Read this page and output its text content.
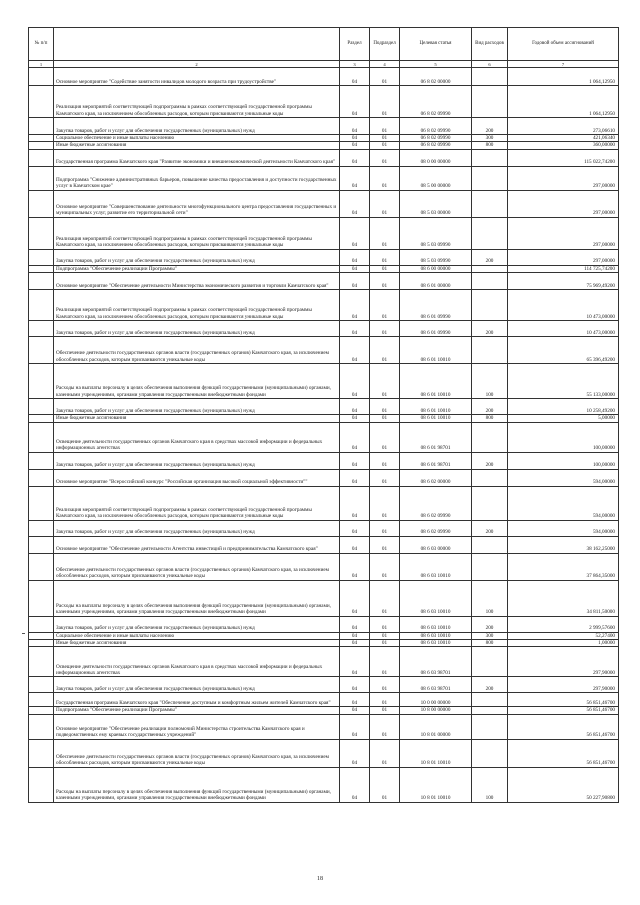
№ п/п		Раздел	Подраздел	Целевая статья	Вид расходов	Годовой объем ассигнований
1	2	3	4	5	6	7
	Основное мероприятие "Содействие занятости инвалидов молодого возраста при трудоустройстве"	04	01	06 8 02 00000		1 064,12950
	Реализация мероприятий соответствующей подпрограммы в рамках соответствующей государственной программы Камчатского края, за исключением обособленных расходов, которым присваиваются уникальные коды	04	01	06 8 02 09990		1 064,12950
	Закупка товаров, работ и услуг для обеспечения государственных (муниципальных) нужд	04	01	06 8 02 09990	200	273,06610
	Социальное обеспечение и иные выплаты населению	04	01	06 8 02 09990	300	421,06340
	Иные бюджетные ассигнования	04	01	06 8 02 09990	800	360,00000
	Государственная программа Камчатского края "Развитие экономики и внешнеэкономической деятельности Камчатского края"	04	01	08 0 00 00000		115 022,74200
	Подпрограмма "Снижение административных барьеров, повышение качества предоставления и доступности государственных услуг в Камчатском крае"	04	01	08 5 00 00000		297,00000
	Основное мероприятие "Совершенствование деятельности многофункционального центра предоставления государственных и муниципальных услуг, развитие его территориальной сети"	04	01	08 5 03 00000		297,00000
	Реализация мероприятий соответствующей подпрограммы в рамках соответствующей государственной программы Камчатского края, за исключением обособленных расходов, которым присваиваются уникальные коды	04	01	08 5 03 09990		297,00000
	Закупка товаров, работ и услуг для обеспечения государственных (муниципальных) нужд	04	01	08 5 03 09990	200	297,00000
	Подпрограмма "Обеспечение реализации Программы"	04	01	08 6 00 00000		114 725,74200
	Основное мероприятие "Обеспечение деятельности Министерства экономического развития и торговли Камчатского края"	04	01	08 6 01 00000		75 969,49200
	Реализация мероприятий соответствующей подпрограммы в рамках соответствующей государственной программы Камчатского края, за исключением обособленных расходов, которым присваиваются уникальные коды	04	01	08 6 01 09990		10 473,00000
	Закупка товаров, работ и услуг для обеспечения государственных (муниципальных) нужд	04	01	08 6 01 09990	200	10 473,00000
	Обеспечение деятельности государственных органов власти (государственных органов) Камчатского края, за исключением обособленных расходов, которым присваиваются уникальные коды	04	01	08 6 01 10010		65 396,49200
	Расходы на выплаты персоналу в целях обеспечения выполнения функций государственными (муниципальными) органами, казенными учреждениями, органами управления государственными внебюджетными фондами	04	01	08 6 01 10010	100	55 133,00000
	Закупка товаров, работ и услуг для обеспечения государственных (муниципальных) нужд	04	01	08 6 01 10010	200	10 258,49200
	Иные бюджетные ассигнования	04	01	08 6 01 10010	800	5,00000
	Освещение деятельности государственных органов Камчатского края в средствах массовой информации и федеральных информационных агентствах	04	01	08 6 01 98701		100,00000
	Закупка товаров, работ и услуг для обеспечения государственных (муниципальных) нужд	04	01	08 6 01 98701	200	100,00000
	Основное мероприятие "Всероссийский конкурс "Российская организация высокой социальной эффективности""	04	01	08 6 02 00000		594,00000
	Реализация мероприятий соответствующей подпрограммы в рамках соответствующей государственной программы Камчатского края, за исключением обособленных расходов, которым присваиваются уникальные коды	04	01	08 6 02 09990		594,00000
	Закупка товаров, работ и услуг для обеспечения государственных (муниципальных) нужд	04	01	08 6 02 09990	200	594,00000
	Основное мероприятие "Обеспечение деятельности Агентства инвестиций и предпринимательства Камчатского края"	04	01	08 6 03 00000		38 162,25000
	Обеспечение деятельности государственных органов власти (государственных органов) Камчатского края, за исключением обособленных расходов, которым присваиваются уникальные коды	04	01	08 6 03 10010		37 864,35000
	Расходы на выплаты персоналу в целях обеспечения выполнения функций государственными (муниципальными) органами, казенными учреждениями, органами управления государственными внебюджетными фондами	04	01	08 6 03 10010	100	34 811,50000
	Закупка товаров, работ и услуг для обеспечения государственных (муниципальных) нужд	04	01	08 6 03 10010	200	2 999,57600
	Социальное обеспечение и иные выплаты населению	04	01	08 6 03 10010	300	52,27400
	Иные бюджетные ассигнования	04	01	08 6 03 10010	800	1,00000
	Освещение деятельности государственных органов Камчатского края в средствах массовой информации и федеральных информационных агентствах	04	01	08 6 03 98701		297,90000
	Закупка товаров, работ и услуг для обеспечения государственных (муниципальных) нужд	04	01	08 6 03 98701	200	297,90000
	Государственная программа Камчатского края "Обеспечение доступным и комфортным жильем жителей Камчатского края"	04	01	10 0 00 00000		56 851,46700
	Подпрограмма "Обеспечение реализации Программы"	04	01	10 8 00 00000		56 851,46700
	Основное мероприятие "Обеспечение реализации полномочий Министерства строительства Камчатского края и подведомственных ему краевых государственных учреждений"	04	01	10 8 01 00000		56 851,46700
	Обеспечение деятельности государственных органов власти (государственных органов) Камчатского края, за исключением обособленных расходов, которым присваиваются уникальные коды	04	01	10 8 01 10010		56 851,46700
	Расходы на выплаты персоналу в целях обеспечения выполнения функций государственными (муниципальными) органами, казенными учреждениями, органами управления государственными внебюджетными фондами	04	01	10 8 01 10010	100	50 227,90800
18
